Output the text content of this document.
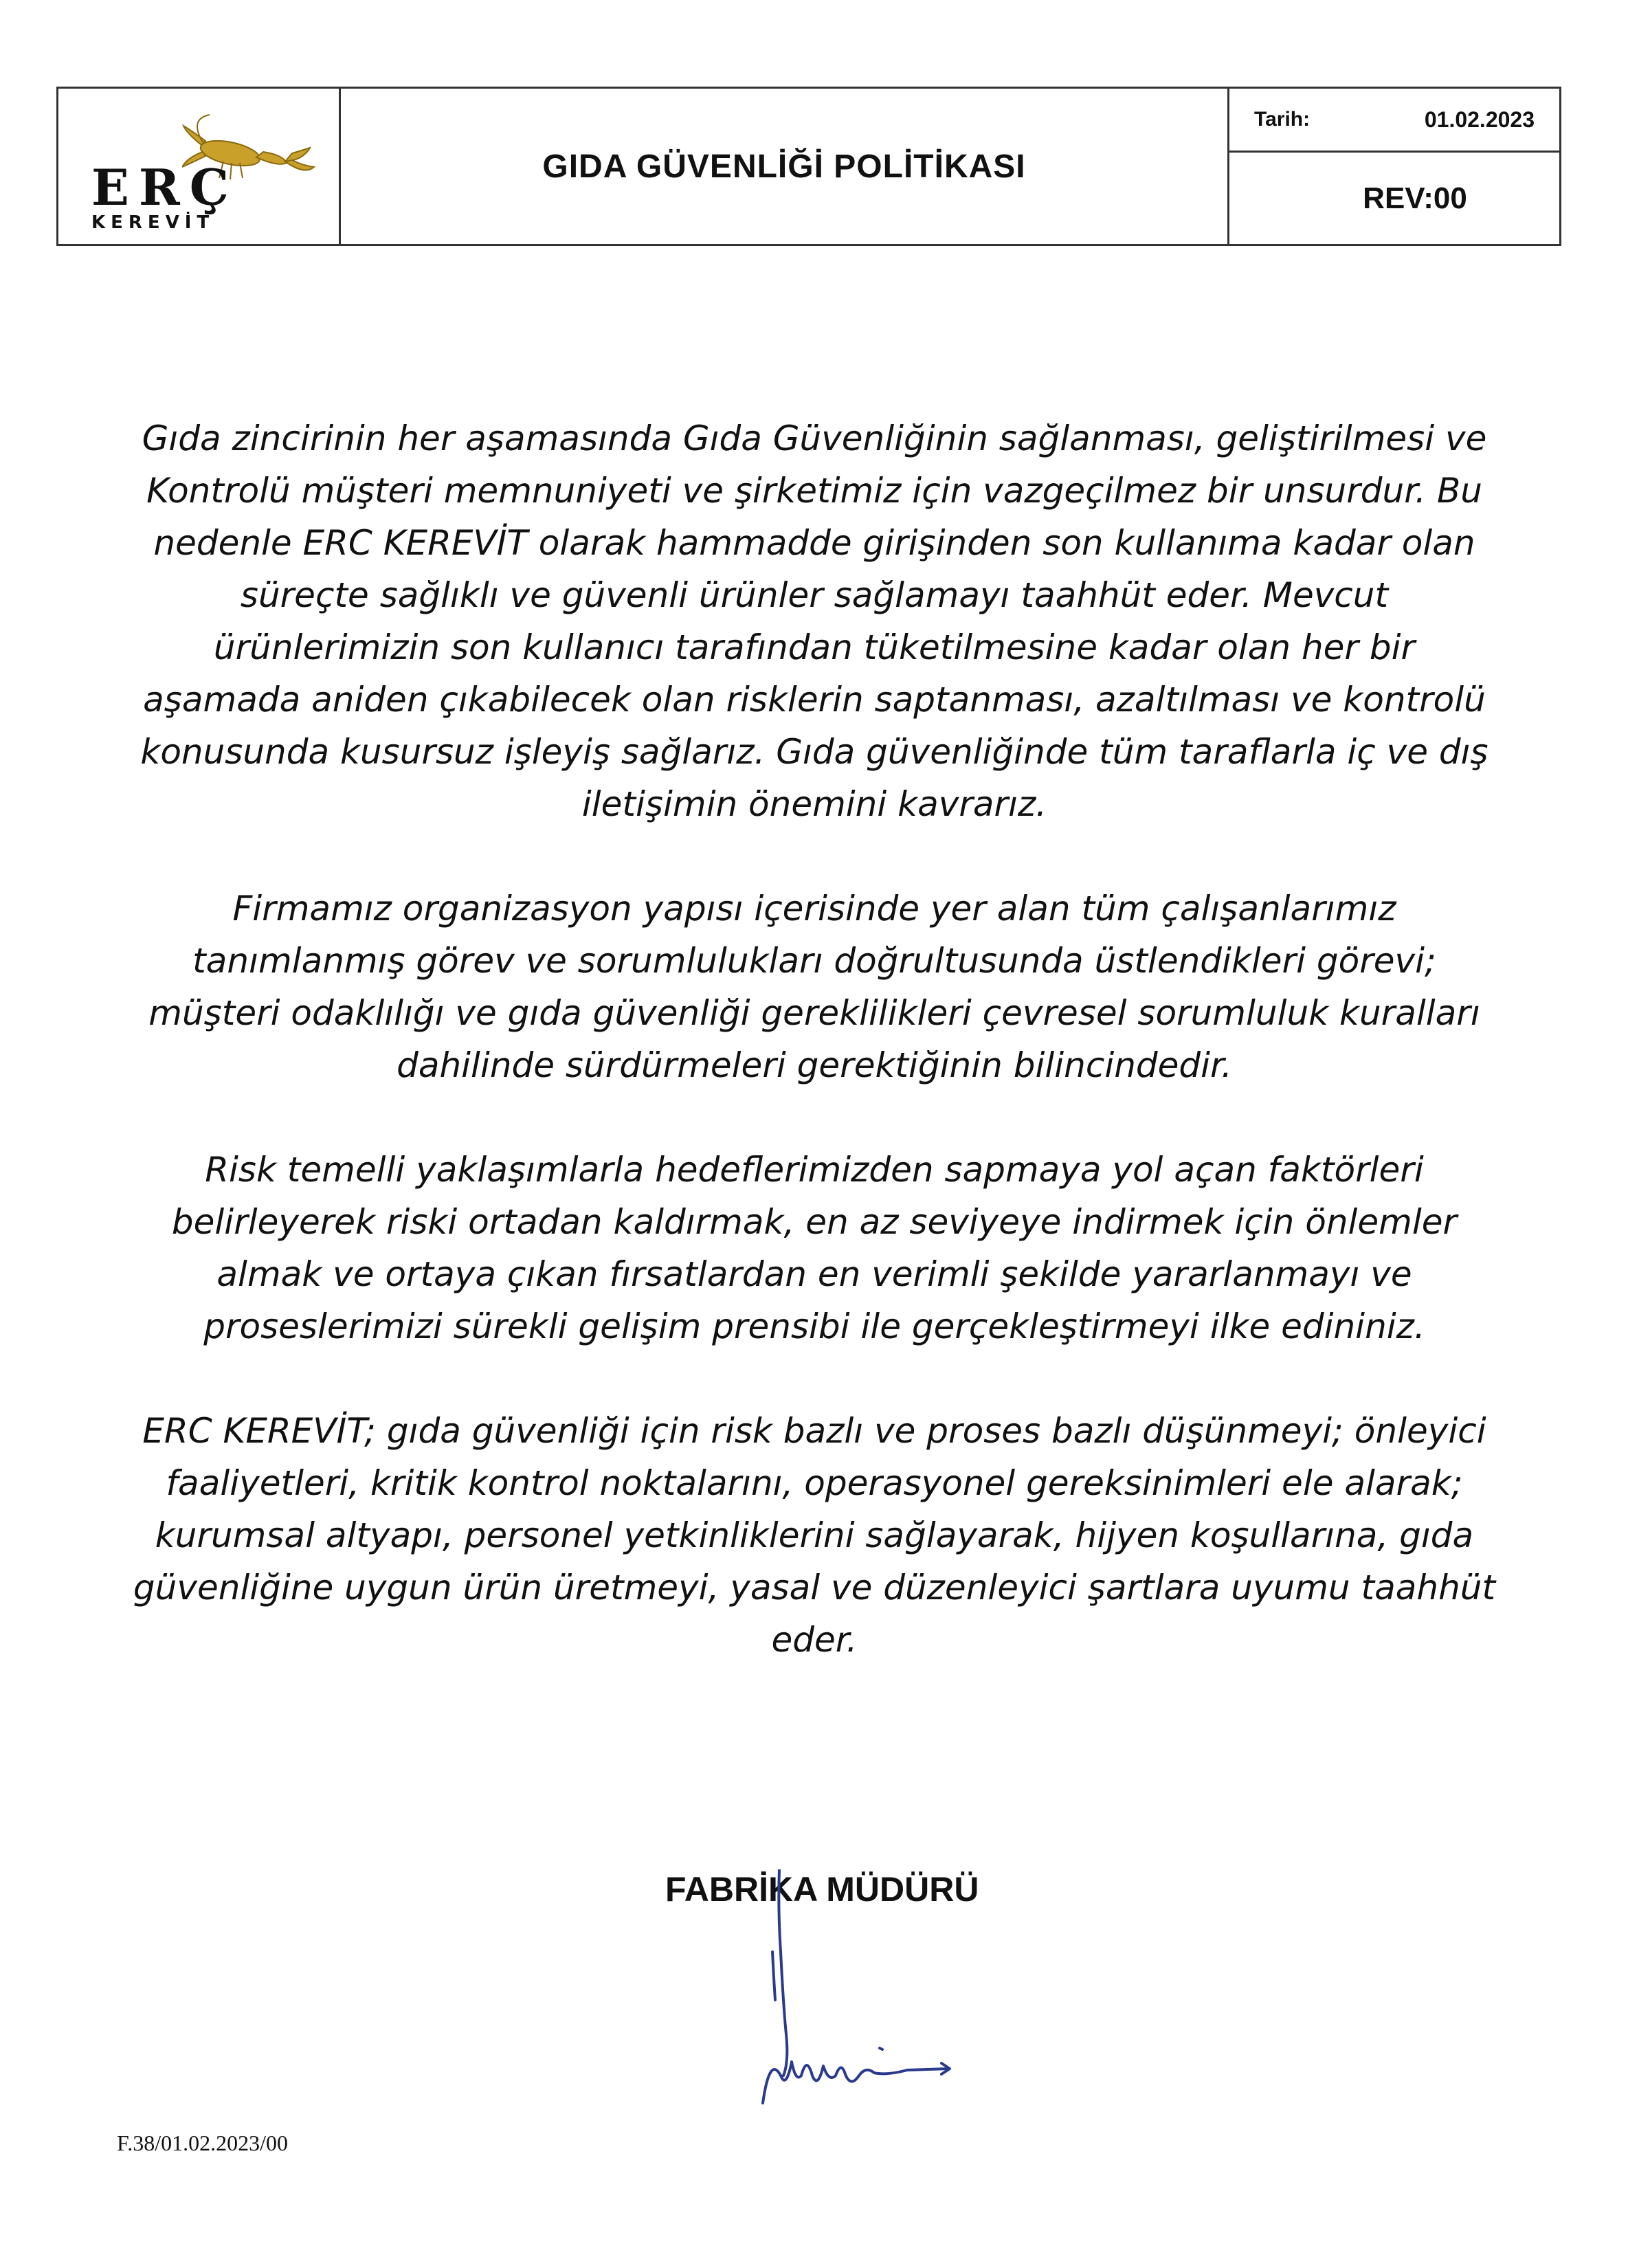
ERÇ
KEREVİT
GIDA GÜVENLİĞİ POLİTİKASI
Tarih:	01.02.2023
REV:00

Gıda zincirinin her aşamasında Gıda Güvenliğinin sağlanması, geliştirilmesi ve Kontrolü müşteri memnuniyeti ve şirketimiz için vazgeçilmez bir unsurdur. Bu nedenle ERC KEREVİT olarak hammadde girişinden son kullanıma kadar olan süreçte sağlıklı ve güvenli ürünler sağlamayı taahhüt eder. Mevcut ürünlerimizin son kullanıcı tarafından tüketilmesine kadar olan her bir aşamada aniden çıkabilecek olan risklerin saptanması, azaltılması ve kontrolü konusunda kusursuz işleyiş sağlarız. Gıda güvenliğinde tüm taraflarla iç ve dış iletişimin önemini kavrarız.

Firmamız organizasyon yapısı içerisinde yer alan tüm çalışanlarımız tanımlanmış görev ve sorumlulukları doğrultusunda üstlendikleri görevi; müşteri odaklılığı ve gıda güvenliği gereklilikleri çevresel sorumluluk kuralları dahilinde sürdürmeleri gerektiğinin bilincindedir.

Risk temelli yaklaşımlarla hedeflerimizden sapmaya yol açan faktörleri belirleyerek riski ortadan kaldırmak, en az seviyeye indirmek için önlemler almak ve ortaya çıkan fırsatlardan en verimli şekilde yararlanmayı ve proseslerimizi sürekli gelişim prensibi ile gerçekleştirmeyi ilke edininiz.

ERC KEREVİT; gıda güvenliği için risk bazlı ve proses bazlı düşünmeyi; önleyici faaliyetleri, kritik kontrol noktalarını, operasyonel gereksinimleri ele alarak; kurumsal altyapı, personel yetkinliklerini sağlayarak, hijyen koşullarına, gıda güvenliğine uygun ürün üretmeyi, yasal ve düzenleyici şartlara uyumu taahhüt eder.

FABRİKA MÜDÜRÜ
F.38/01.02.2023/00
